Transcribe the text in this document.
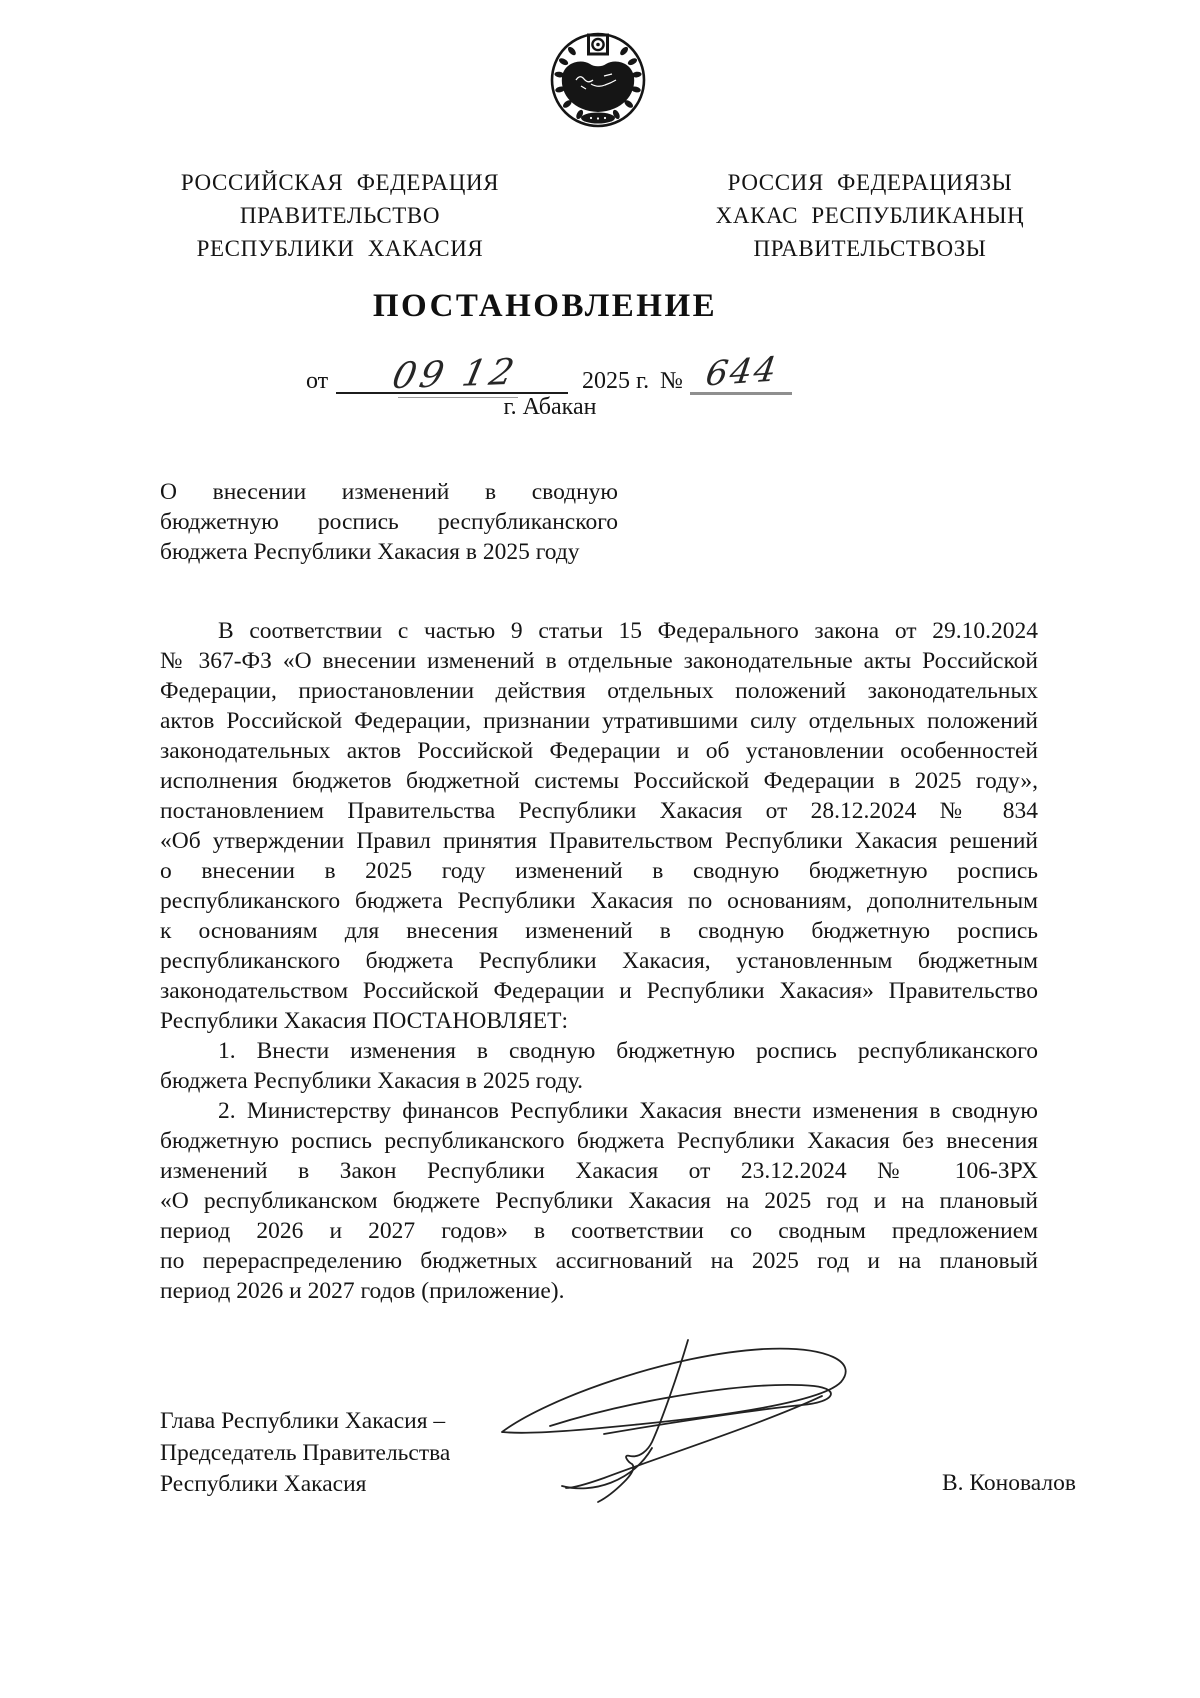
РОССИЙСКАЯ ФЕДЕРАЦИЯ
ПРАВИТЕЛЬСТВО
РЕСПУБЛИКИ ХАКАСИЯ
РОССИЯ ФЕДЕРАЦИЯЗЫ
ХАКАС РЕСПУБЛИКАНЫҢ
ПРАВИТЕЛЬСТВОЗЫ
ПОСТАНОВЛЕНИЕ
от	09 12	2025 г. № 644
г. Абакан
О внесении изменений в сводную
бюджетную роспись республиканского
бюджета Республики Хакасия в 2025 году
В соответствии с частью 9 статьи 15 Федерального закона от 29.10.2024
№ 367-ФЗ «О внесении изменений в отдельные законодательные акты Российской
Федерации, приостановлении действия отдельных положений законодательных
актов Российской Федерации, признании утратившими силу отдельных положений
законодательных актов Российской Федерации и об установлении особенностей
исполнения бюджетов бюджетной системы Российской Федерации в 2025 году»,
постановлением Правительства Республики Хакасия от 28.12.2024 № 834
«Об утверждении Правил принятия Правительством Республики Хакасия решений
о внесении в 2025 году изменений в сводную бюджетную роспись
республиканского бюджета Республики Хакасия по основаниям, дополнительным
к основаниям для внесения изменений в сводную бюджетную роспись
республиканского бюджета Республики Хакасия, установленным бюджетным
законодательством Российской Федерации и Республики Хакасия» Правительство
Республики Хакасия ПОСТАНОВЛЯЕТ:
1. Внести изменения в сводную бюджетную роспись республиканского
бюджета Республики Хакасия в 2025 году.
2. Министерству финансов Республики Хакасия внести изменения в сводную
бюджетную роспись республиканского бюджета Республики Хакасия без внесения
изменений в Закон Республики Хакасия от 23.12.2024 № 106-ЗРХ
«О республиканском бюджете Республики Хакасия на 2025 год и на плановый
период 2026 и 2027 годов» в соответствии со сводным предложением
по перераспределению бюджетных ассигнований на 2025 год и на плановый
период 2026 и 2027 годов (приложение).
Глава Республики Хакасия –
Председатель Правительства
Республики Хакасия	В. Коновалов
